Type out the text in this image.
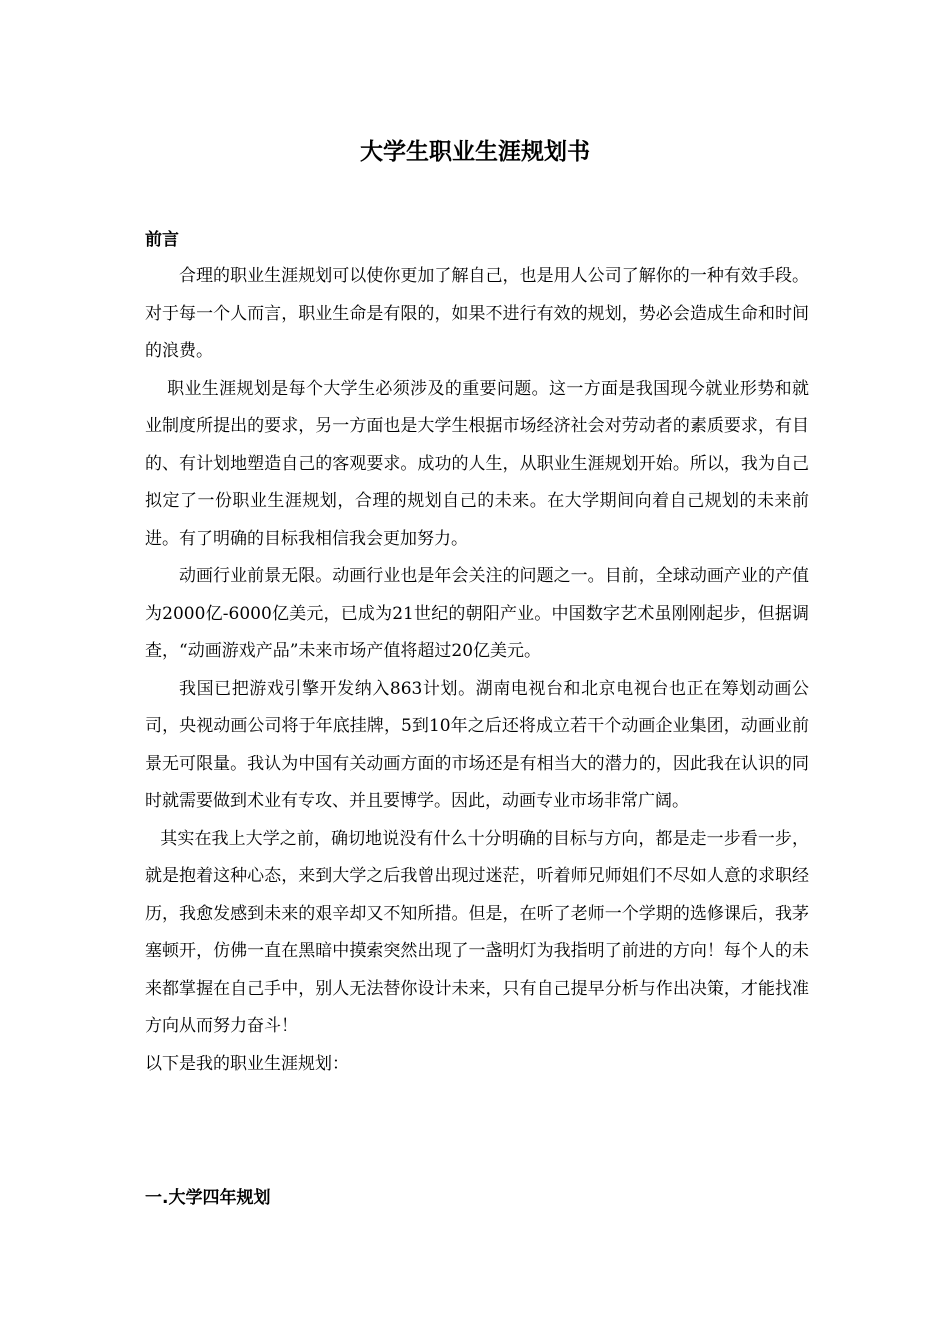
大学生职业生涯规划书
前言

合理的职业生涯规划可以使你更加了解自己，也是用人公司了解你的一种有效手段。对于每一个人而言，职业生命是有限的，如果不进行有效的规划，势必会造成生命和时间的浪费。

职业生涯规划是每个大学生必须涉及的重要问题。这一方面是我国现今就业形势和就业制度所提出的要求，另一方面也是大学生根据市场经济社会对劳动者的素质要求，有目的、有计划地塑造自己的客观要求。成功的人生，从职业生涯规划开始。所以，我为自己拟定了一份职业生涯规划，合理的规划自己的未来。在大学期间向着自己规划的未来前进。有了明确的目标我相信我会更加努力。

动画行业前景无限。动画行业也是年会关注的问题之一。目前，全球动画产业的产值为2000亿-6000亿美元，已成为21世纪的朝阳产业。中国数字艺术虽刚刚起步，但据调查，“动画游戏产品”未来市场产值将超过20亿美元。

我国已把游戏引擎开发纳入863计划。湖南电视台和北京电视台也正在筹划动画公司，央视动画公司将于年底挂牌，5到10年之后还将成立若干个动画企业集团，动画业前景无可限量。我认为中国有关动画方面的市场还是有相当大的潜力的，因此我在认识的同时就需要做到术业有专攻、并且要博学。因此，动画专业市场非常广阔。

其实在我上大学之前，确切地说没有什么十分明确的目标与方向，都是走一步看一步，就是抱着这种心态，来到大学之后我曾出现过迷茫，听着师兄师姐们不尽如人意的求职经历，我愈发感到未来的艰辛却又不知所措。但是，在听了老师一个学期的选修课后，我茅塞顿开，仿佛一直在黑暗中摸索突然出现了一盏明灯为我指明了前进的方向！每个人的未来都掌握在自己手中，别人无法替你设计未来，只有自己提早分析与作出决策，才能找准方向从而努力奋斗！

以下是我的职业生涯规划：

一.大学四年规划
